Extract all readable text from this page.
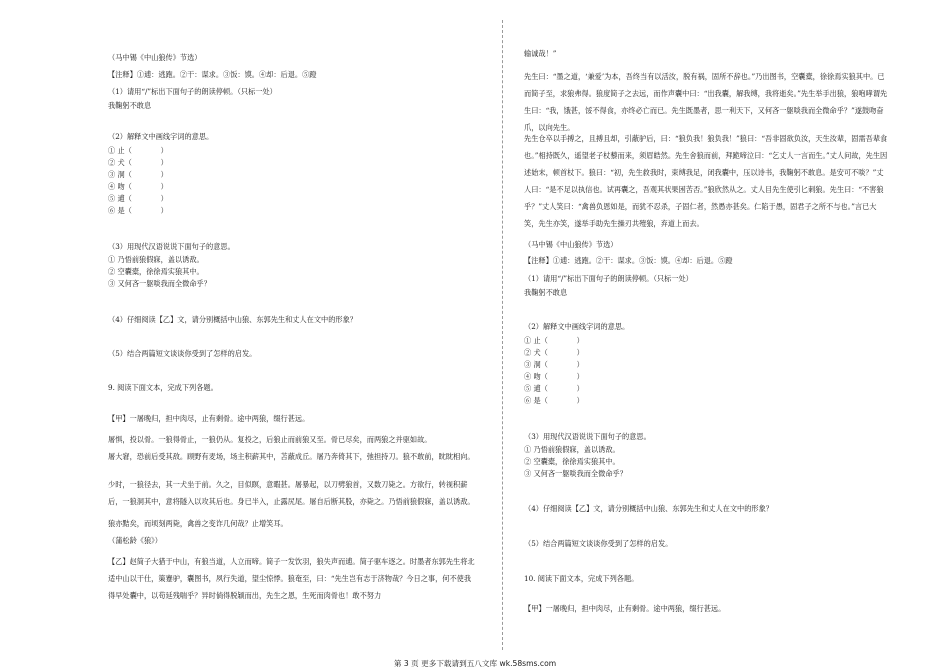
（马中锡《中山狼传》节选）
【注释】①逋：逃跑。②干：谋求。③饭：馍。④却：后退。⑤蹬
（1）请用“/”标出下面句子的朗读停顿。（只标一处）
我鞠躬不敢息
（2）解释文中画线字词的意思。
① 止（　　　　）
② 犬（　　　　）
③ 洞（　　　　）
④ 吻（　　　　）
⑤ 逋（　　　　）
⑥ 是（　　　　）
（3）用现代汉语说说下面句子的意思。
① 乃悟前狼假寐，盖以诱敌。
② 空囊橐，徐徐焉实狼其中。
③ 又何吝一躯啖我而全微命乎？
（4）仔细阅读【乙】文，请分别概括中山狼、东郭先生和丈人在文中的形象？
（5）结合两篇短文谈谈你受到了怎样的启发。
9. 阅读下面文本，完成下列各题。
【甲】一屠晚归，担中肉尽，止有剩骨。途中两狼，缀行甚远。
屠惧，投以骨。一狼得骨止，一狼仍从。复投之，后狼止而前狼又至。骨已尽矣，而两狼之并驱如故。
屠大窘，恐前后受其敌。顾野有麦场，场主积薪其中，苫蔽成丘。屠乃奔倚其下，弛担持刀。狼不敢前，眈眈相向。
少时，一狼径去，其一犬坐于前。久之，目似瞑，意暇甚。屠暴起，以刀劈狼首，又数刀毙之。方欲行，转视积薪后，一狼洞其中，意将隧入以攻其后也。身已半入，止露尻尾。屠自后断其股，亦毙之。乃悟前狼假寐，盖以诱敌。
狼亦黠矣，而顷刻两毙，禽兽之变诈几何哉？止增笑耳。
（蒲松龄《狼》）
【乙】赵简子大猎于中山，有狼当道，人立而啼。简子一发饮羽，狼失声而逋。简子驱车逐之。时墨者东郭先生将北适中山以干仕，策蹇驴，囊图书，夙行失道，望尘惊悸。狼奄至，曰：“先生岂有志于济物哉？今日之事，何不使我得早处囊中，以苟延残喘乎？异时倘得脱颖而出，先生之恩，生死而肉骨也！敢不努力
输诚哉！”
先生曰：“墨之道，‘兼爱’为本，吾终当有以活汝，脱有祸，固所不辞也。”乃出图书，空囊橐，徐徐焉实狼其中。已而简子至，求狼弗得。狼度简子之去远，而作声囊中曰：“出我囊，解我缚，我将逝矣。”先生举手出狼，狼咆哮谓先生曰：“我，饿甚，馁不得食，亦终必亡而已。先生既墨者，思一利天下，又何吝一躯啖我而全微命乎？”遂鼓吻奋爪，以向先生。
先生仓卒以手搏之，且搏且却，引蔽驴后，曰：“狼负我！狼负我！”狼曰：“吾非固欲负汝，天生汝辈，固需吾辈食也。”相持既久，遥望老子杖藜而来，须眉皓然。先生舍狼而前，拜跪啼泣曰：“乞丈人一言而生。”丈人问故，先生因述始末，顿首杖下。狼曰：“初，先生救我时，束缚我足，闭我囊中，压以诗书，我鞠躬不敢息。是安可不啖？”丈人曰：“是不足以执信也。试再囊之，吾观其状果困苦否。”狼欣然从之。丈人目先生使引匕刺狼。先生曰：“不害狼乎？”丈人笑曰：“禽兽负恩如是，而犹不忍杀，子固仁者，然愚亦甚矣。仁陷于愚，固君子之所不与也。”言已大笑，先生亦笑，遂举手助先生操刃共殪狼，弃道上而去。
（马中锡《中山狼传》节选）
【注释】①逋：逃跑。②干：谋求。③饭：馍。④却：后退。⑤蹬
（1）请用“/”标出下面句子的朗读停顿。（只标一处）
我鞠躬不敢息
（2）解释文中画线字词的意思。
① 止（　　　　）
② 犬（　　　　）
③ 洞（　　　　）
④ 吻（　　　　）
⑤ 逋（　　　　）
⑥ 是（　　　　）
（3）用现代汉语说说下面句子的意思。
① 乃悟前狼假寐，盖以诱敌。
② 空囊橐，徐徐焉实狼其中。
③ 又何吝一躯啖我而全微命乎？
（4）仔细阅读【乙】文，请分别概括中山狼、东郭先生和丈人在文中的形象？
（5）结合两篇短文谈谈你受到了怎样的启发。
10. 阅读下面文本，完成下列各题。
【甲】一屠晚归，担中肉尽，止有剩骨。途中两狼，缀行甚远。
第 3 页 更多下载请到五八文库 wk.58sms.com
